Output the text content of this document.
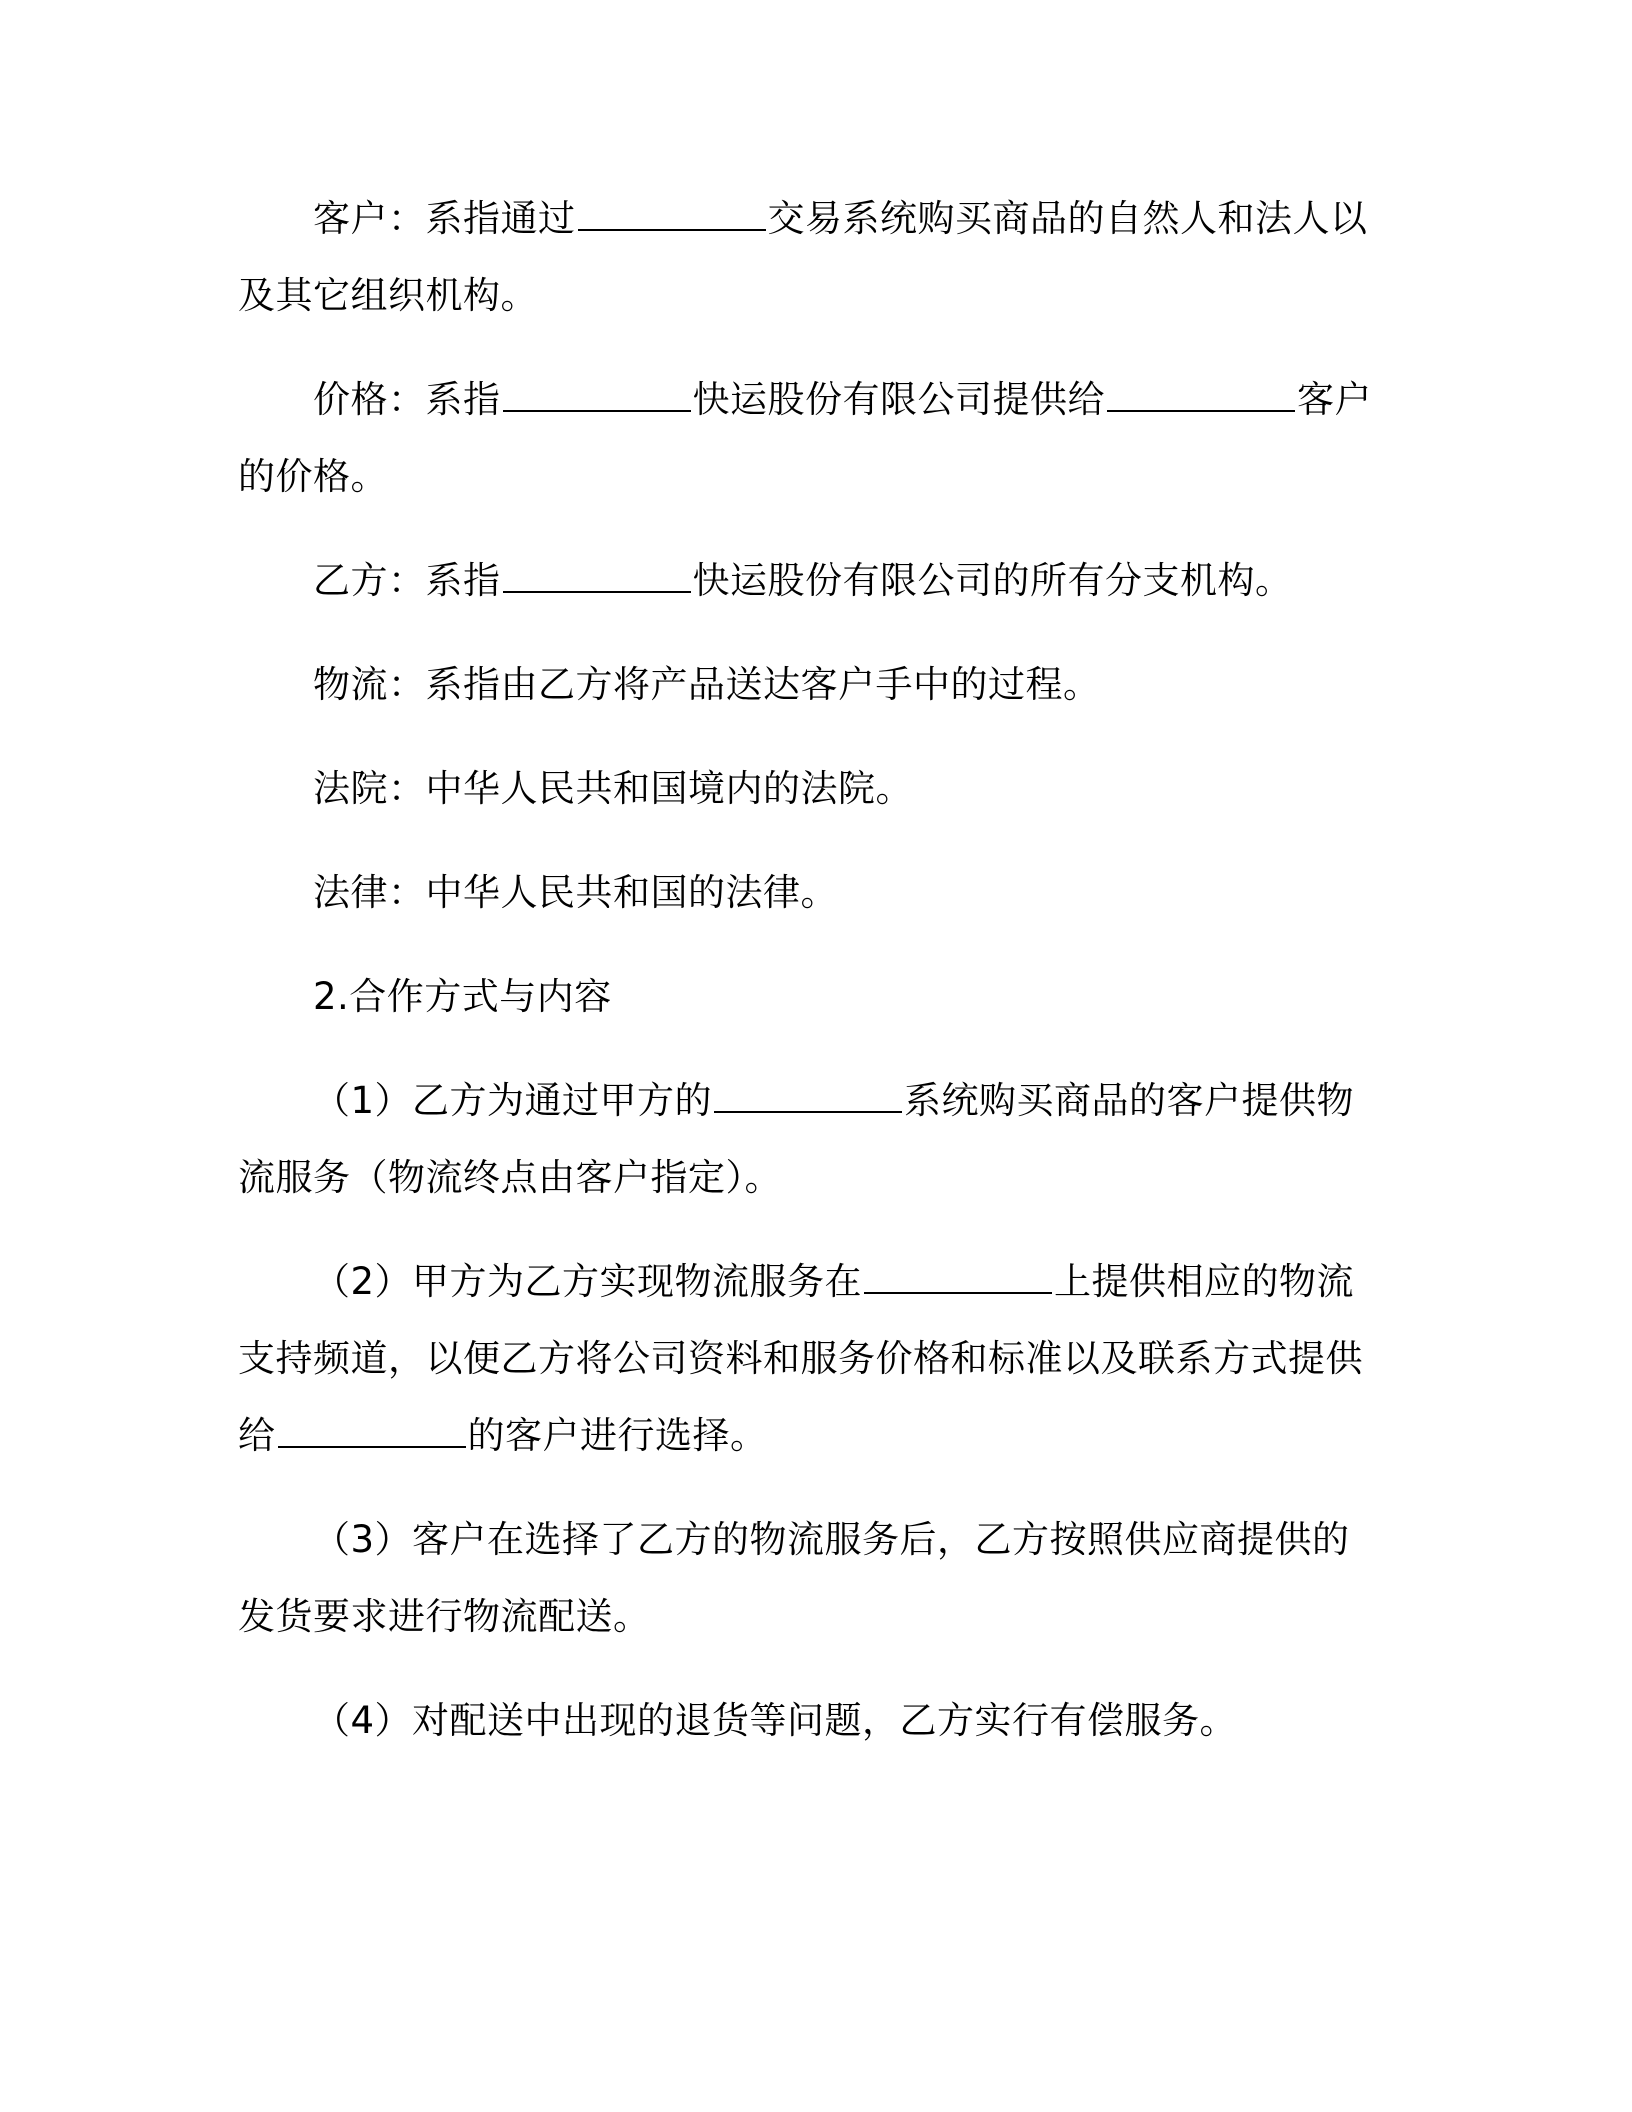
客户：系指通过	交易系统购买商品的自然人和法人以及其它组织机构。

价格：系指	快运股份有限公司提供给	客户的价格。

乙方：系指	快运股份有限公司的所有分支机构。

物流：系指由乙方将产品送达客户手中的过程。

法院：中华人民共和国境内的法院。

法律：中华人民共和国的法律。

2.合作方式与内容

（1）乙方为通过甲方的	系统购买商品的客户提供物流服务（物流终点由客户指定）。

（2）甲方为乙方实现物流服务在	上提供相应的物流支持频道，以便乙方将公司资料和服务价格和标准以及联系方式提供给	的客户进行选择。

（3）客户在选择了乙方的物流服务后，乙方按照供应商提供的发货要求进行物流配送。

（4）对配送中出现的退货等问题，乙方实行有偿服务。
